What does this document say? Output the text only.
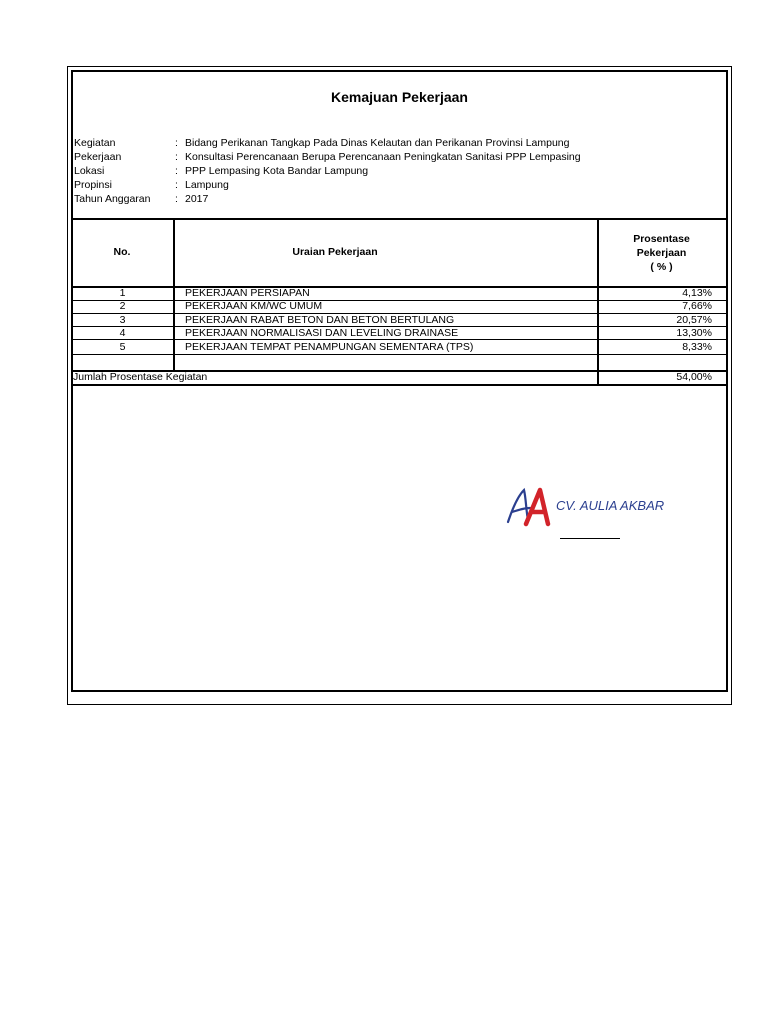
Kemajuan Pekerjaan
Kegiatan	: Bidang Perikanan Tangkap Pada Dinas Kelautan dan Perikanan Provinsi Lampung
Pekerjaan	: Konsultasi Perencanaan Berupa Perencanaan Peningkatan Sanitasi PPP Lempasing
Lokasi	: PPP Lempasing Kota Bandar Lampung
Propinsi	: Lampung
Tahun Anggaran	: 2017
No.	Uraian Pekerjaan
Prosentase
Pekerjaan
( % )
1	PEKERJAAN PERSIAPAN	4,13%
2	PEKERJAAN KM/WC UMUM	7,66%
3	PEKERJAAN RABAT BETON DAN BETON BERTULANG	20,57%
4	PEKERJAAN NORMALISASI DAN LEVELING DRAINASE	13,30%
5	PEKERJAAN TEMPAT PENAMPUNGAN SEMENTARA (TPS)	8,33%
Jumlah Prosentase Kegiatan	54,00%
CV. AULIA AKBAR
